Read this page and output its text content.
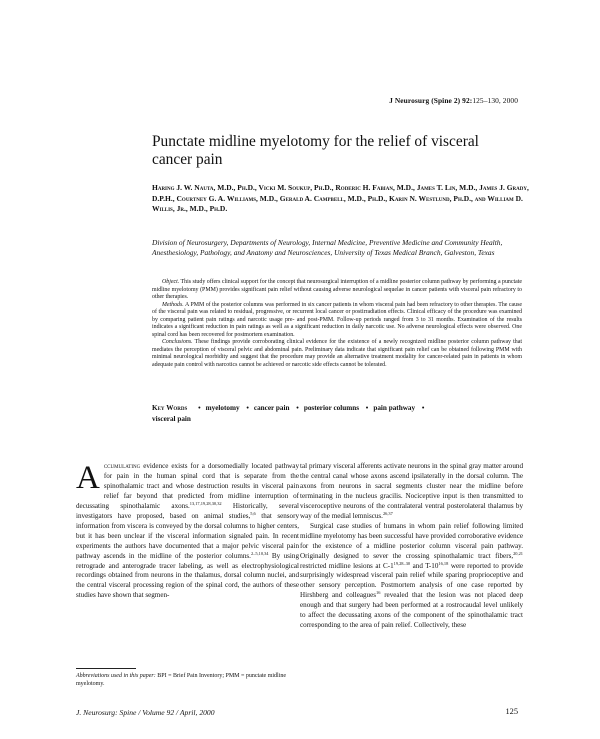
J Neurosurg (Spine 2) 92:125–130, 2000
Punctate midline myelotomy for the relief of visceral cancer pain
Haring J. W. Nauta, M.D., Ph.D., Vicki M. Soukup, Ph.D., Roderic H. Fabian, M.D., James T. Lin, M.D., James J. Grady, D.P.H., Courtney G. A. Williams, M.D., Gerald A. Campbell, M.D., Ph.D., Karin N. Westlund, Ph.D., and William D. Willis, Jr., M.D., Ph.D.
Division of Neurosurgery, Departments of Neurology, Internal Medicine, Preventive Medicine and Community Health, Anesthesiology, Pathology, and Anatomy and Neurosciences, University of Texas Medical Branch, Galveston, Texas

Object. This study offers clinical support for the concept that neurosurgical interruption of a midline posterior column pathway by performing a punctate midline myelotomy (PMM) provides significant pain relief without causing adverse neurological sequelae in cancer patients with visceral pain refractory to other therapies.

Methods. A PMM of the posterior columns was performed in six cancer patients in whom visceral pain had been refractory to other therapies. The cause of the visceral pain was related to residual, progressive, or recurrent local cancer or postirradiation effects. Clinical efficacy of the procedure was examined by comparing patient pain ratings and narcotic usage pre- and post-PMM. Follow-up periods ranged from 3 to 31 months. Examination of the results indicates a significant reduction in pain ratings as well as a significant reduction in daily narcotic use. No adverse neurological effects were observed. One spinal cord has been recovered for postmortem examination.

Conclusions. These findings provide corroborating clinical evidence for the existence of a newly recognized midline posterior column pathway that mediates the perception of visceral pelvic and abdominal pain. Preliminary data indicate that significant pain relief can be obtained following PMM with minimal neurological morbidity and suggest that the procedure may provide an alternative treatment modality for cancer-related pain in patients in whom adequate pain control with narcotics cannot be achieved or narcotic side effects cannot be tolerated.

Key Words • myelotomy • cancer pain • posterior columns • pain pathway •
visceral pain

Accumulating evidence exists for a dorsomedially located pathway for pain in the human spinal cord that is separate from the spinothalamic tract and whose destruction results in visceral pain relief far beyond that predicted from midline interruption of decussating spinothalamic axons.$^{13,17,19,28,30,32}$ Historically, several investigators have proposed, based on animal studies,$^{5,6}$ that sensory information from viscera is conveyed by the dorsal columns to higher centers, but it has been unclear if the visceral information signaled pain. In recent experiments the authors have documented that a major pelvic visceral pain pathway ascends in the midline of the posterior columns.$^{2-5,10,34}$ By using retrograde and anterograde tracer labeling, as well as electrophysiological recordings obtained from neurons in the thalamus, dorsal column nuclei, and the central visceral processing region of the spinal cord, the authors of these studies have shown that segmen-

tal primary visceral afferents activate neurons in the spinal gray matter around the central canal whose axons ascend ipsilaterally in the dorsal column. The axons from neurons in sacral segments cluster near the midline before terminating in the nucleus gracilis. Nociceptive input is then transmitted to visceroceptive neurons of the contralateral ventral posterolateral thalamus by way of the medial lemniscus.$^{26,37}$

Surgical case studies of humans in whom pain relief following limited midline myelotomy has been successful have provided corroborative evidence for the existence of a midline posterior column visceral pain pathway. Originally designed to sever the crossing spinothalamic tract fibers,$^{20,21}$ restricted midline lesions at C-1$^{19,28-30}$ and T-10$^{16,18}$ were reported to provide surprisingly widespread visceral pain relief while sparing proprioceptive and other sensory perception. Postmortem analysis of one case reported by Hirshberg and colleagues$^{16}$ revealed that the lesion was not placed deep enough and that surgery had been performed at a rostrocaudal level unlikely to affect the decussating axons of the component of the spinothalamic tract corresponding to the area of pain relief. Collectively, these

Abbreviations used in this paper: BPI = Brief Pain Inventory; PMM = punctate midline myelotomy.
J. Neurosurg: Spine / Volume 92 / April, 2000	125
